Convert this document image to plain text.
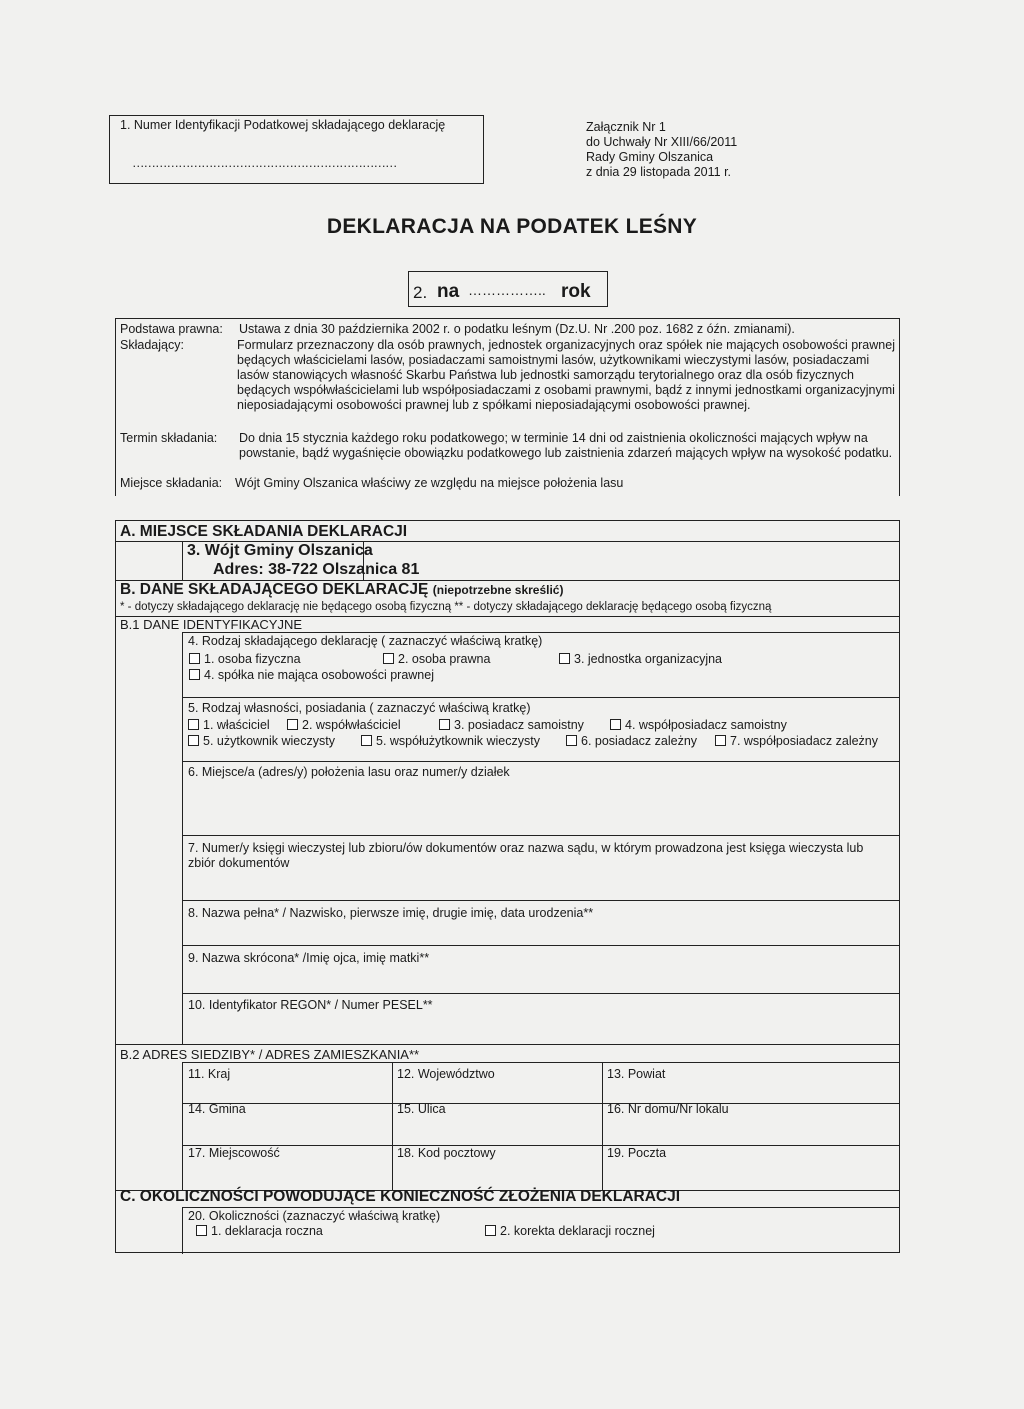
1. Numer Identyfikacji Podatkowej składającego deklarację
……………………………………………………………
Załącznik Nr 1
do Uchwały Nr XIII/66/2011
Rady Gminy Olszanica
z dnia 29 listopada 2011 r.
DEKLARACJA NA PODATEK LEŚNY
2. na …………….. rok
Podstawa prawna: Ustawa z dnia 30 października 2002 r. o podatku leśnym (Dz.U. Nr .200 poz. 1682 z óźn. zmianami).
Składający:	Formularz przeznaczony dla osób prawnych, jednostek organizacyjnych oraz spółek nie mających osobowości prawnej będących właścicielami lasów, posiadaczami samoistnymi lasów, użytkownikami wieczystymi lasów, posiadaczami lasów stanowiących własność Skarbu Państwa lub jednostki samorządu terytorialnego oraz dla osób fizycznych będących współwłaścicielami lub współposiadaczami z osobami prawnymi, bądź z innymi jednostkami organizacyjnymi nieposiadającymi osobowości prawnej lub z spółkami nieposiadającymi osobowości prawnej.
Termin składania: Do dnia 15 stycznia każdego roku podatkowego; w terminie 14 dni od zaistnienia okoliczności mających wpływ na powstanie, bądź wygaśnięcie obowiązku podatkowego lub zaistnienia zdarzeń mających wpływ na wysokość podatku.
Miejsce składania: Wójt Gminy Olszanica właściwy ze względu na miejsce położenia lasu
A. MIEJSCE SKŁADANIA DEKLARACJI
3. Wójt Gminy Olszanica
Adres: 38-722 Olszanica 81
B. DANE SKŁADAJĄCEGO DEKLARACJĘ (niepotrzebne skreślić)
* - dotyczy składającego deklarację nie będącego osobą fizyczną ** - dotyczy składającego deklarację będącego osobą fizyczną
B.1 DANE IDENTYFIKACYJNE
4. Rodzaj składającego deklarację ( zaznaczyć właściwą kratkę)
1. osoba fizyczna	2. osoba prawna	3. jednostka organizacyjna
4. spółka nie mająca osobowości prawnej
5. Rodzaj własności, posiadania ( zaznaczyć właściwą kratkę)
1. właściciel	2. współwłaściciel	3. posiadacz samoistny	4. współposiadacz samoistny
5. użytkownik wieczysty	5. współużytkownik wieczysty	6. posiadacz zależny	7. współposiadacz zależny
6. Miejsce/a (adres/y) położenia lasu oraz numer/y działek
7. Numer/y księgi wieczystej lub zbioru/ów dokumentów oraz nazwa sądu, w którym prowadzona jest księga wieczysta lub zbiór dokumentów
8. Nazwa pełna* / Nazwisko, pierwsze imię, drugie imię, data urodzenia**
9. Nazwa skrócona* /Imię ojca, imię matki**
10. Identyfikator REGON* / Numer PESEL**
B.2 ADRES SIEDZIBY* / ADRES ZAMIESZKANIA**
11. Kraj	12. Województwo	13. Powiat
14. Gmina	15. Ulica	16. Nr domu/Nr lokalu
17. Miejscowość	18. Kod pocztowy	19. Poczta
C. OKOLICZNOŚCI POWODUJĄCE KONIECZNOŚĆ ZŁOŻENIA DEKLARACJI
20. Okoliczności (zaznaczyć właściwą kratkę)
1. deklaracja roczna	2. korekta deklaracji rocznej
